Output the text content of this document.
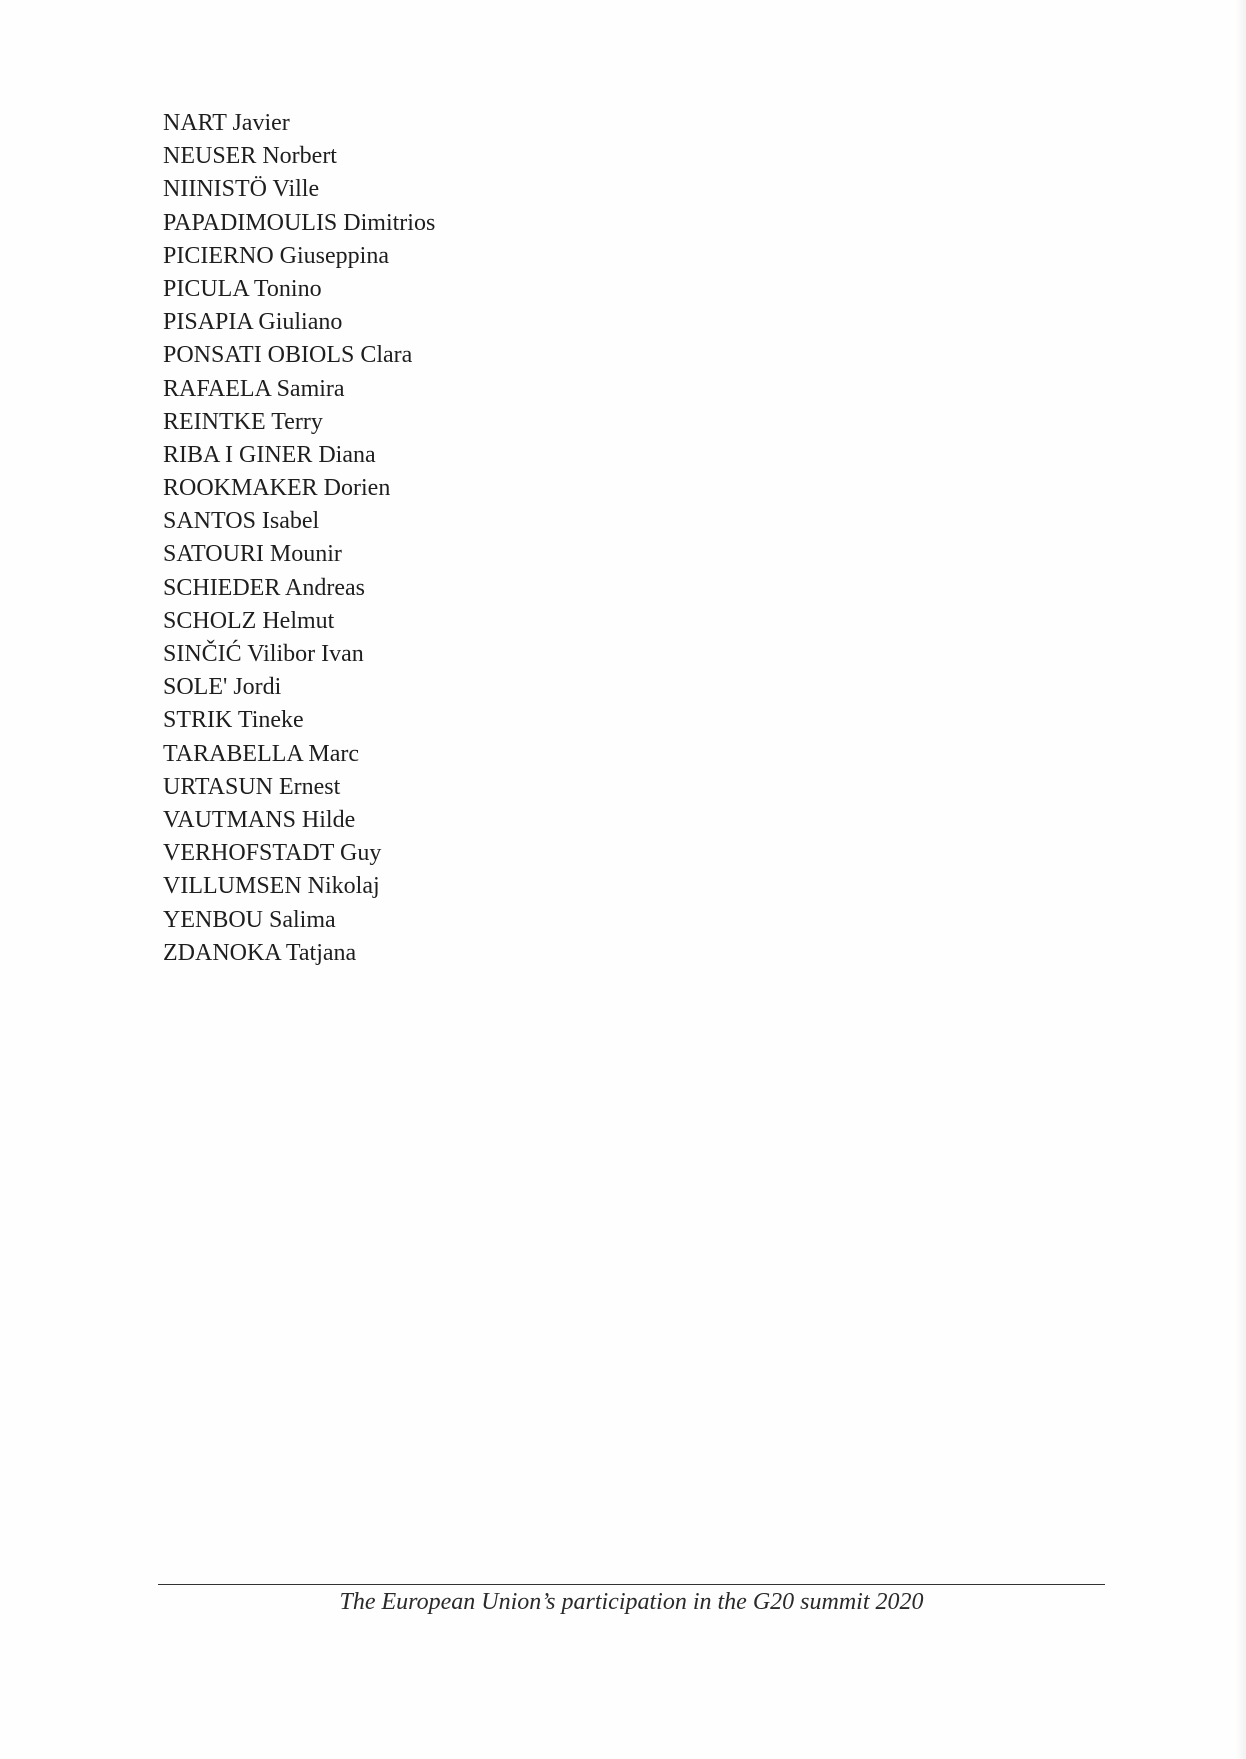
NART Javier
NEUSER Norbert
NIINISTÖ Ville
PAPADIMOULIS Dimitrios
PICIERNO Giuseppina
PICULA Tonino
PISAPIA Giuliano
PONSATI OBIOLS Clara
RAFAELA Samira
REINTKE Terry
RIBA I GINER Diana
ROOKMAKER Dorien
SANTOS Isabel
SATOURI Mounir
SCHIEDER Andreas
SCHOLZ Helmut
SINČIĆ Vilibor Ivan
SOLE' Jordi
STRIK Tineke
TARABELLA Marc
URTASUN Ernest
VAUTMANS Hilde
VERHOFSTADT Guy
VILLUMSEN Nikolaj
YENBOU Salima
ZDANOKA Tatjana
The European Union’s participation in the G20 summit 2020
